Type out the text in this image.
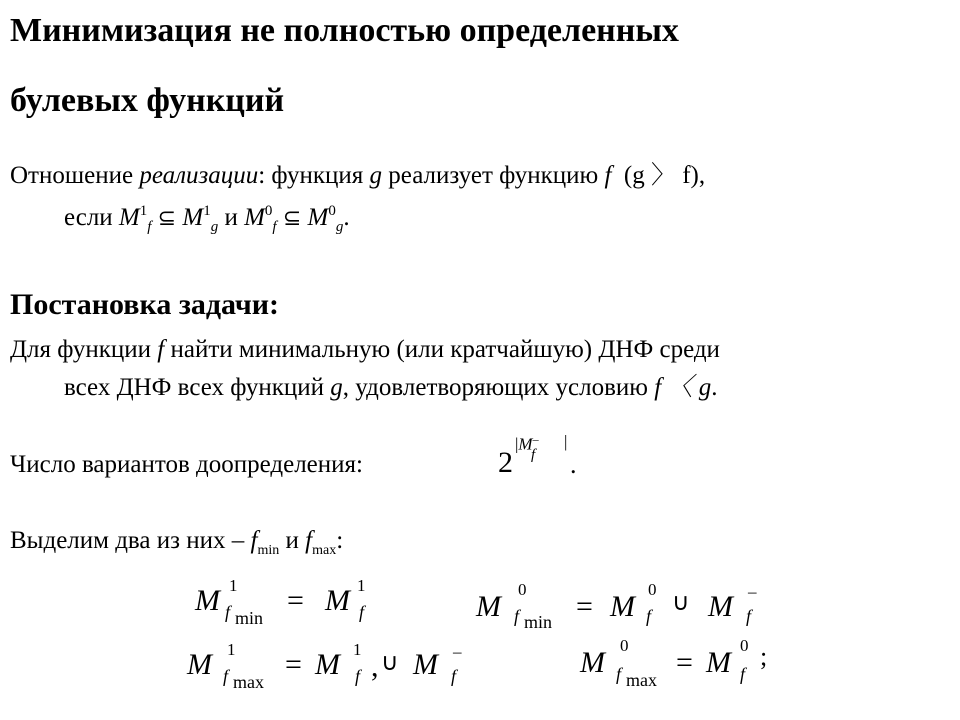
Минимизация не полностью определенных
булевых функций
Отношение реализации: функция g реализует функцию f (g 〉 f),
если $M^1_f$ ⊆ $M^1_g$ и $M^0_f$ ⊆ $M^0_g$.
Постановка задачи:
Для функции f найти минимальную (или кратчайшую) ДНФ среди
всех ДНФ всех функций g, удовлетворяющих условию f 〈 g.
Число вариантов доопределения:	2
|M–
f
|
.
Выделим два из них – $f_{min}$ и $f_{max}$:
M 1
f min
= M 1
f	M
0
f min = M
0
f ∪ M –
f
M 1
f max
= M 1
f , ∪ M –
f	M
0
f max
= M
0
f
;
